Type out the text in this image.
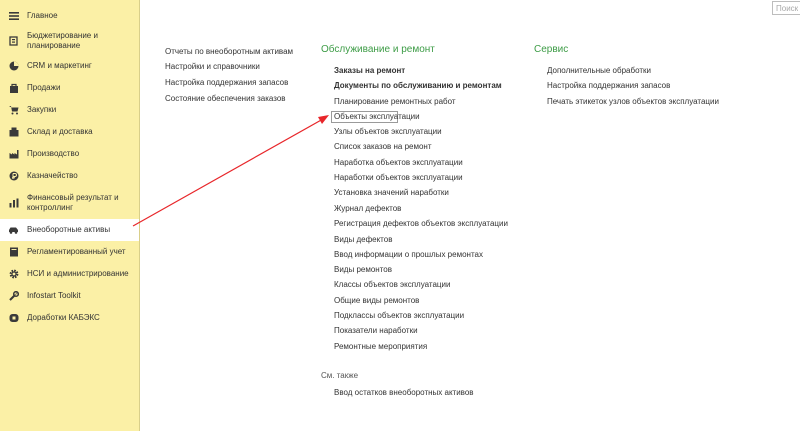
Главное
Бюджетирование и планирование
CRM и маркетинг
Продажи
Закупки
Склад и доставка
Производство
Казначейство
Финансовый результат и контроллинг
Внеоборотные активы
Регламентированный учет
НСИ и администрирование
Infostart Toolkit
Доработки КАБЭКС
Поиск
Отчеты по внеоборотным активам
Настройки и справочники
Настройка поддержания запасов
Состояние обеспечения заказов
Обслуживание и ремонт
Заказы на ремонт
Документы по обслуживанию и ремонтам
Планирование ремонтных работ
Объекты эксплуатации
Узлы объектов эксплуатации
Список заказов на ремонт
Наработка объектов эксплуатации
Наработки объектов эксплуатации
Установка значений наработки
Журнал дефектов
Регистрация дефектов объектов эксплуатации
Виды дефектов
Ввод информации о прошлых ремонтах
Виды ремонтов
Классы объектов эксплуатации
Общие виды ремонтов
Подклассы объектов эксплуатации
Показатели наработки
Ремонтные мероприятия
См. также
Ввод остатков внеоборотных активов
Сервис
Дополнительные обработки
Настройка поддержания запасов
Печать этикеток узлов объектов эксплуатации
